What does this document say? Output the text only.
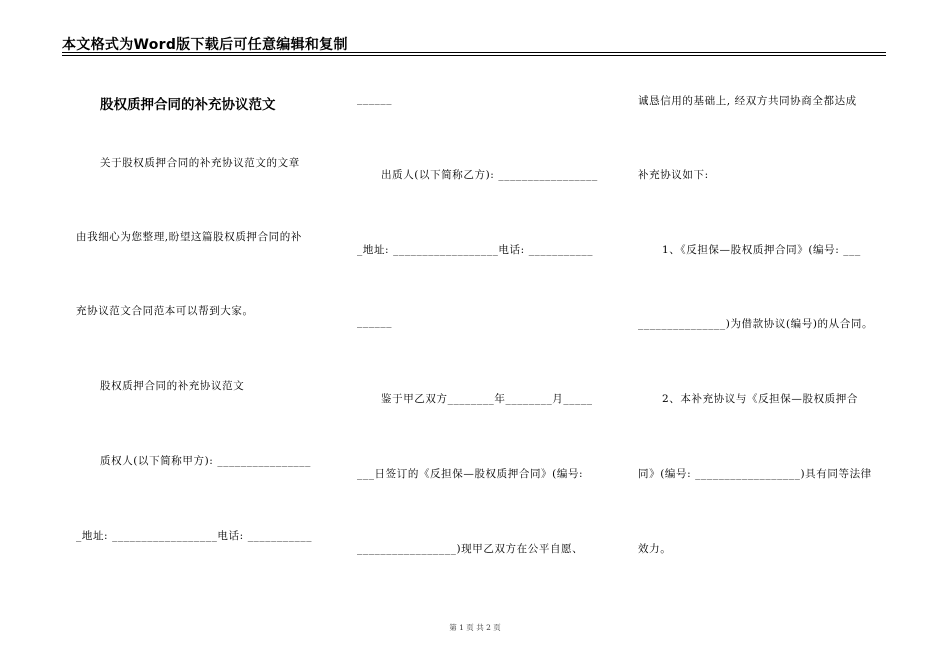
本文格式为Word版下载后可任意编辑和复制
股权质押合同的补充协议范文
关于股权质押合同的补充协议范文的文章
由我细心为您整理,盼望这篇股权质押合同的补
充协议范文合同范本可以帮到大家。
股权质押合同的补充协议范文
质权人(以下简称甲方): ________________
_地址: __________________电话: ___________
______
出质人(以下简称乙方): _________________
_地址: __________________电话: ___________
______
鉴于甲乙双方________年________月_____
___日签订的《反担保—股权质押合同》(编号:
_________________)现甲乙双方在公平自愿、
诚恳信用的基础上, 经双方共同协商全都达成
补充协议如下:
1、《反担保—股权质押合同》(编号: ___
_______________)为借款协议(编号)的从合同。
2、本补充协议与《反担保—股权质押合
同》(编号: __________________)具有同等法律
效力。
第 1 页 共 2 页
